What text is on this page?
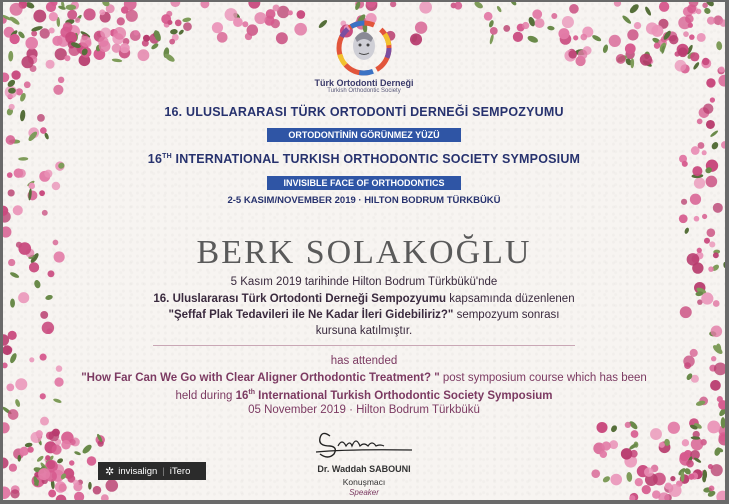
Türk Ortodonti Derneği
Turkish Orthodontic Society
16. ULUSLARARASI TÜRK ORTODONTİ DERNEĞİ SEMPOZYUMU
ORTODONTİNİN GÖRÜNMEZ YÜZÜ
16TH INTERNATIONAL TURKISH ORTHODONTIC SOCIETY SYMPOSIUM
INVISIBLE FACE OF ORTHODONTICS
2-5 KASIM/NOVEMBER 2019 · HILTON BODRUM TÜRKBÜKÜ
BERK SOLAKOĞLU
5 Kasım 2019 tarihinde Hilton Bodrum Türkbükü'nde
16. Uluslararası Türk Ortodonti Derneği Sempozyumu kapsamında düzenlenen
"Şeffaf Plak Tedavileri ile Ne Kadar İleri Gidebiliriz?" sempozyum sonrası
kursuna katılmıştır.
has attended
"How Far Can We Go with Clear Aligner Orthodontic Treatment? " post symposium course which has been
held during 16th International Turkish Orthodontic Society Symposium
05 November 2019 · Hilton Bodrum Türkbükü
Dr. Waddah SABOUNI
Konuşmacı
Speaker
✲ invisalign | iTero
